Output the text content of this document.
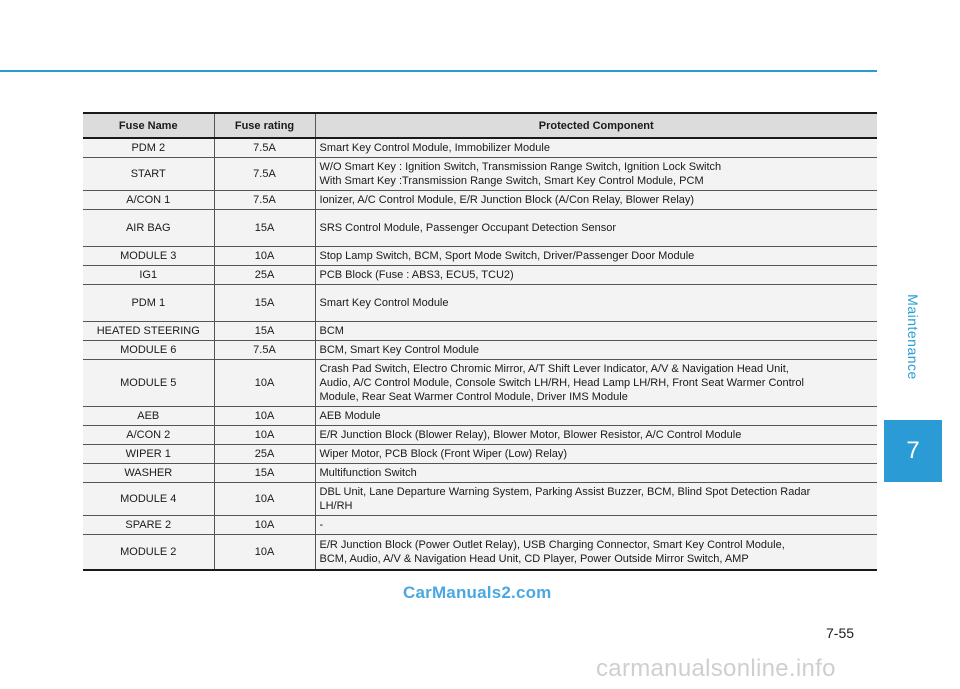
Maintenance
7
Fuse Name	Fuse rating	Protected Component
PDM 2	7.5A	Smart Key Control Module, Immobilizer Module

START	7.5A	W/O Smart Key : Ignition Switch, Transmission Range Switch, Ignition Lock Switch
With Smart Key :Transmission Range Switch, Smart Key Control Module, PCM

A/CON 1	7.5A	Ionizer, A/C Control Module, E/R Junction Block (A/Con Relay, Blower Relay)

AIR BAG	15A	SRS Control Module, Passenger Occupant Detection Sensor

MODULE 3	10A	Stop Lamp Switch, BCM, Sport Mode Switch, Driver/Passenger Door Module

IG1	25A	PCB Block (Fuse : ABS3, ECU5, TCU2)

PDM 1	15A	Smart Key Control Module

HEATED STEERING	15A	BCM

MODULE 6	7.5A	BCM, Smart Key Control Module

MODULE 5	10A	Crash Pad Switch, Electro Chromic Mirror, A/T Shift Lever Indicator, A/V & Navigation Head Unit,
Audio, A/C Control Module, Console Switch LH/RH, Head Lamp LH/RH, Front Seat Warmer Control
Module, Rear Seat Warmer Control Module, Driver IMS Module

AEB	10A	AEB Module

A/CON 2	10A	E/R Junction Block (Blower Relay), Blower Motor, Blower Resistor, A/C Control Module

WIPER 1	25A	Wiper Motor, PCB Block (Front Wiper (Low) Relay)

WASHER	15A	Multifunction Switch

MODULE 4	10A	DBL Unit, Lane Departure Warning System, Parking Assist Buzzer, BCM, Blind Spot Detection Radar
LH/RH

SPARE 2	10A	-

MODULE 2	10A	E/R Junction Block (Power Outlet Relay), USB Charging Connector, Smart Key Control Module,
BCM, Audio, A/V & Navigation Head Unit, CD Player, Power Outside Mirror Switch, AMP
CarManuals2.com
7-55
carmanualsonline.info
